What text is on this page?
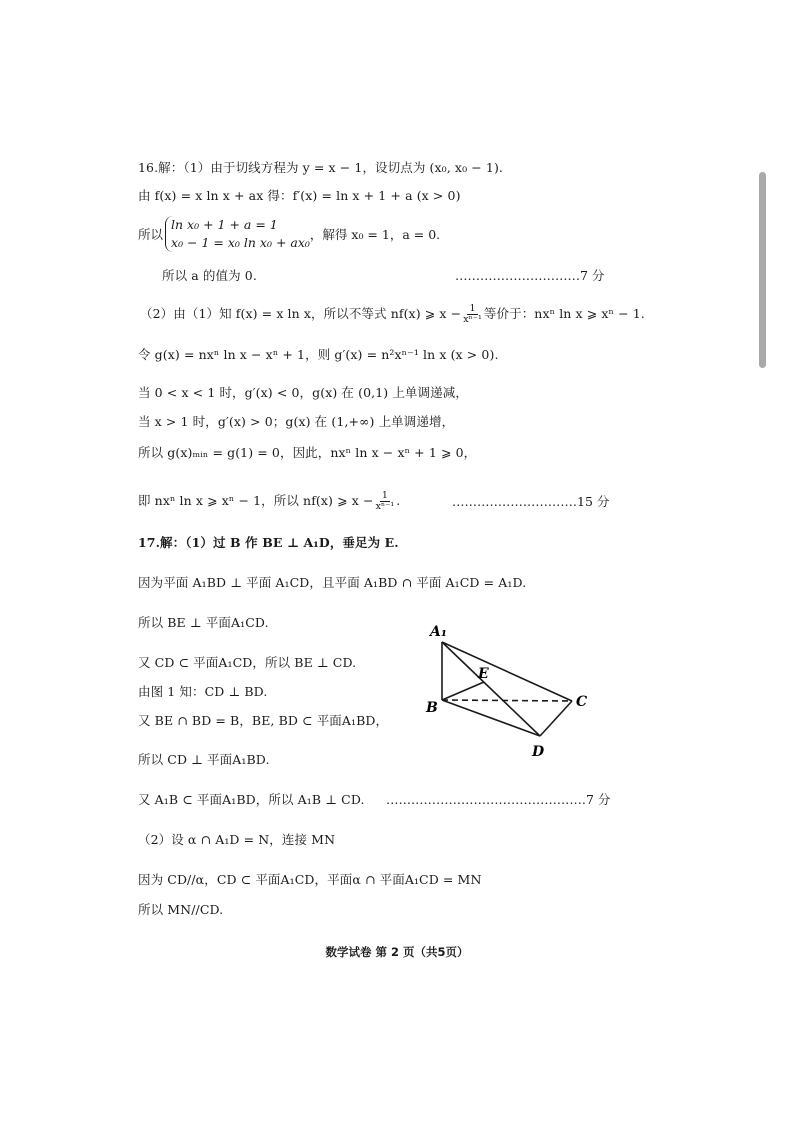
16.解：（1）由于切线方程为 y = x − 1，设切点为 (x₀, x₀ − 1).
由 f(x) = x ln x + ax 得：f′(x) = ln x + 1 + a (x > 0)
所以
ln x₀ + 1 + a = 1
x₀ − 1 = x₀ ln x₀ + ax₀
，解得 x₀ = 1，a = 0.
所以 a 的值为 0.	…………………………7 分
（2）由（1）知 f(x) = x ln x，所以不等式 nf(x) ⩾ $x - \frac{1}{\text{xⁿ⁻¹}}$ 等价于：nxⁿ ln x ⩾ xⁿ − 1.
令 g(x) = nxⁿ ln x − xⁿ + 1，则 g′(x) = n²xⁿ⁻¹ ln x (x > 0).
当 0 < x < 1 时，g′(x) < 0，g(x) 在 (0,1) 上单调递减，
当 x > 1 时，g′(x) > 0；g(x) 在 (1,+∞) 上单调递增，
所以 g(x)ₘᵢₙ = g(1) = 0，因此，nxⁿ ln x − xⁿ + 1 ⩾ 0，
即 nxⁿ ln x ⩾ xⁿ − 1，所以 nf(x) ⩾ $x - \frac{1}{\text{xⁿ⁻¹}}$ .	…………………………15 分
17.解：（1）过 B 作 BE ⊥ A₁D，垂足为 E.
因为平面 A₁BD ⊥ 平面 A₁CD，且平面 A₁BD ∩ 平面 A₁CD = A₁D.
所以 BE ⊥ 平面A₁CD.
又 CD ⊂ 平面A₁CD，所以 BE ⊥ CD.
由图 1 知：CD ⊥ BD.
又 BE ∩ BD = B，BE, BD ⊂ 平面A₁BD，
所以 CD ⊥ 平面A₁BD.
又 A₁B ⊂ 平面A₁BD，所以 A₁B ⊥ CD. …………………………………………7 分
（2）设 α ∩ A₁D = N，连接 MN
因为 CD//α，CD ⊂ 平面A₁CD，平面α ∩ 平面A₁CD = MN
所以 MN//CD.
A₁
E
B	C
D
数学试卷 第 2 页（共5页）
